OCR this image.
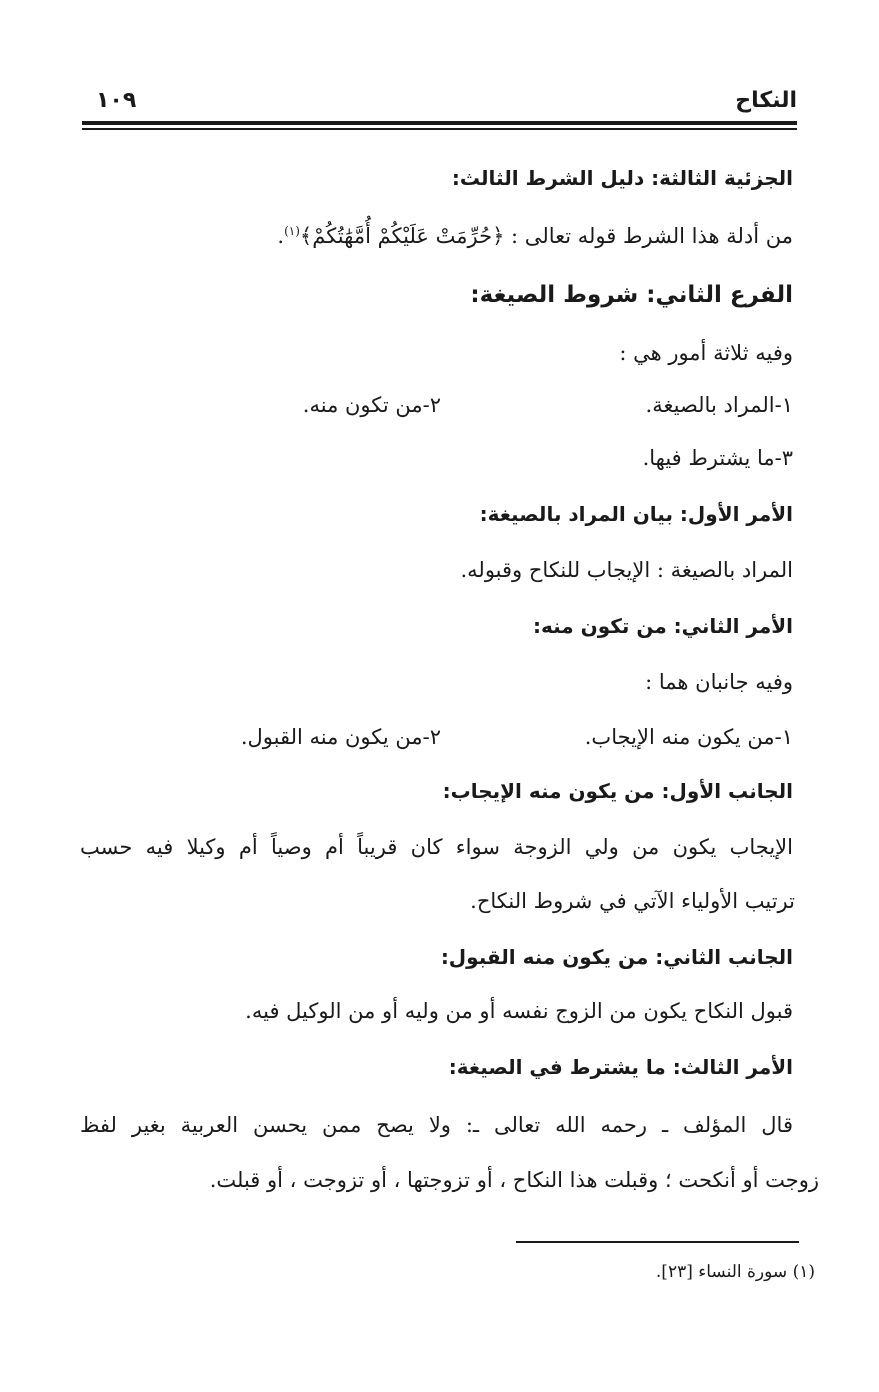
النكاح
١٠٩
الجزئية الثالثة: دليل الشرط الثالث:
من أدلة هذا الشرط قوله تعالى : ﴿حُرِّمَتْ عَلَيْكُمْ أُمَّهَٰتُكُمْ﴾$^{(١)}$.
الفرع الثاني: شروط الصيغة:
وفيه ثلاثة أمور هي :
١-المراد بالصيغة.
٢-من تكون منه.
٣-ما يشترط فيها.
الأمر الأول: بيان المراد بالصيغة:
المراد بالصيغة : الإيجاب للنكاح وقبوله.
الأمر الثاني: من تكون منه:
وفيه جانبان هما :
١-من يكون منه الإيجاب.
٢-من يكون منه القبول.
الجانب الأول: من يكون منه الإيجاب:
الإيجاب يكون من ولي الزوجة سواء كان قريباً أم وصياً أم وكيلا فيه حسب
ترتيب الأولياء الآتي في شروط النكاح.
الجانب الثاني: من يكون منه القبول:
قبول النكاح يكون من الزوج نفسه أو من وليه أو من الوكيل فيه.
الأمر الثالث: ما يشترط في الصيغة:
قال المؤلف ـ رحمه الله تعالى ـ: ولا يصح ممن يحسن العربية بغير لفظ
زوجت أو أنكحت ؛ وقبلت هذا النكاح ، أو تزوجتها ، أو تزوجت ، أو قبلت.
(١) سورة النساء [٢٣].
